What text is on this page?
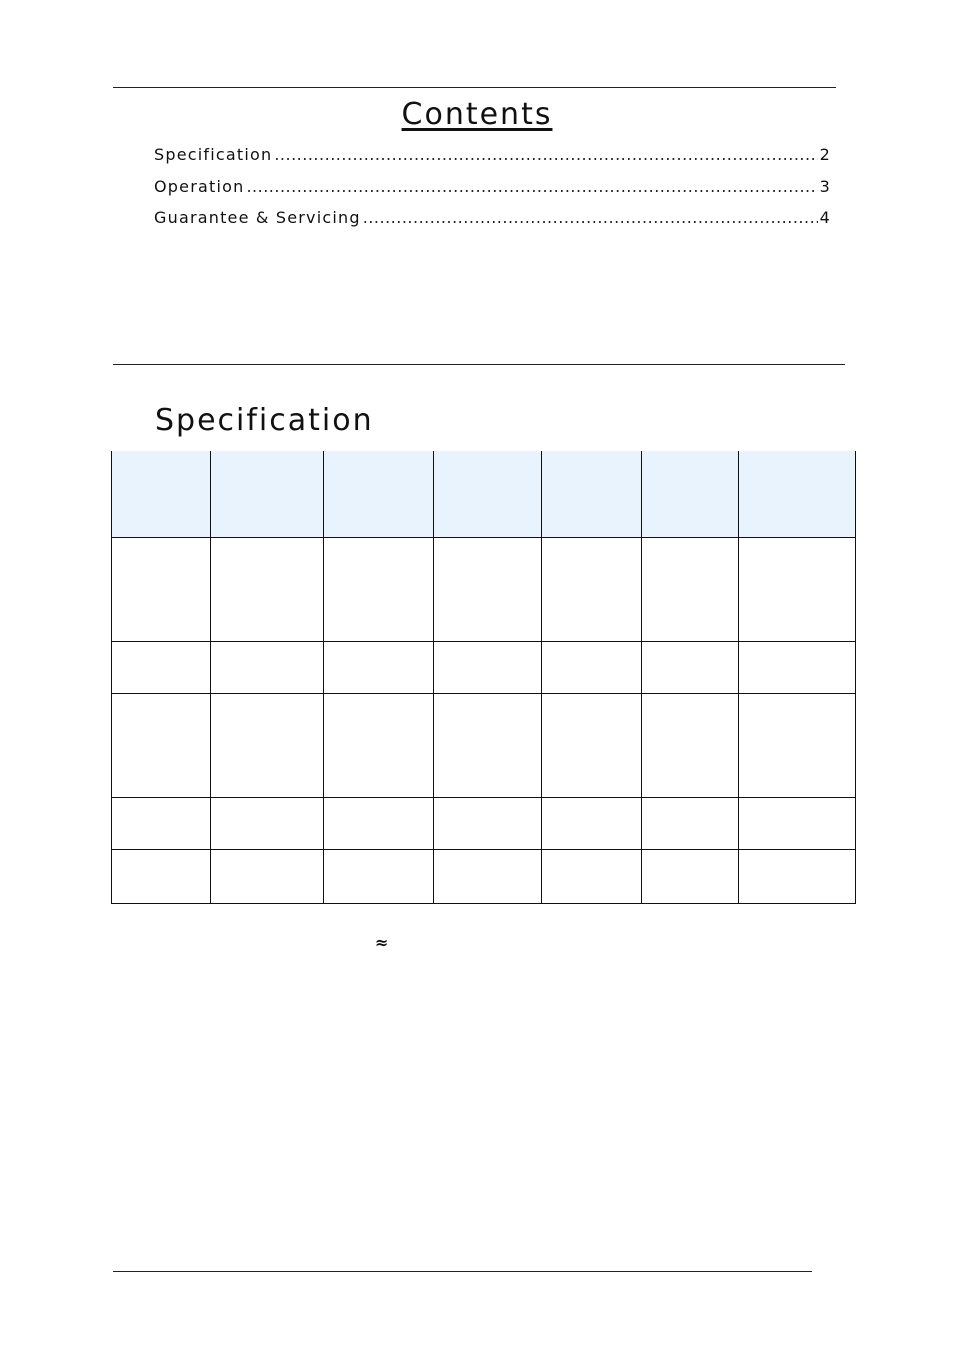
Contents
Specification .....	2
Operation .....	3
Guarantee & Servicing .....	4
Specification

≈
